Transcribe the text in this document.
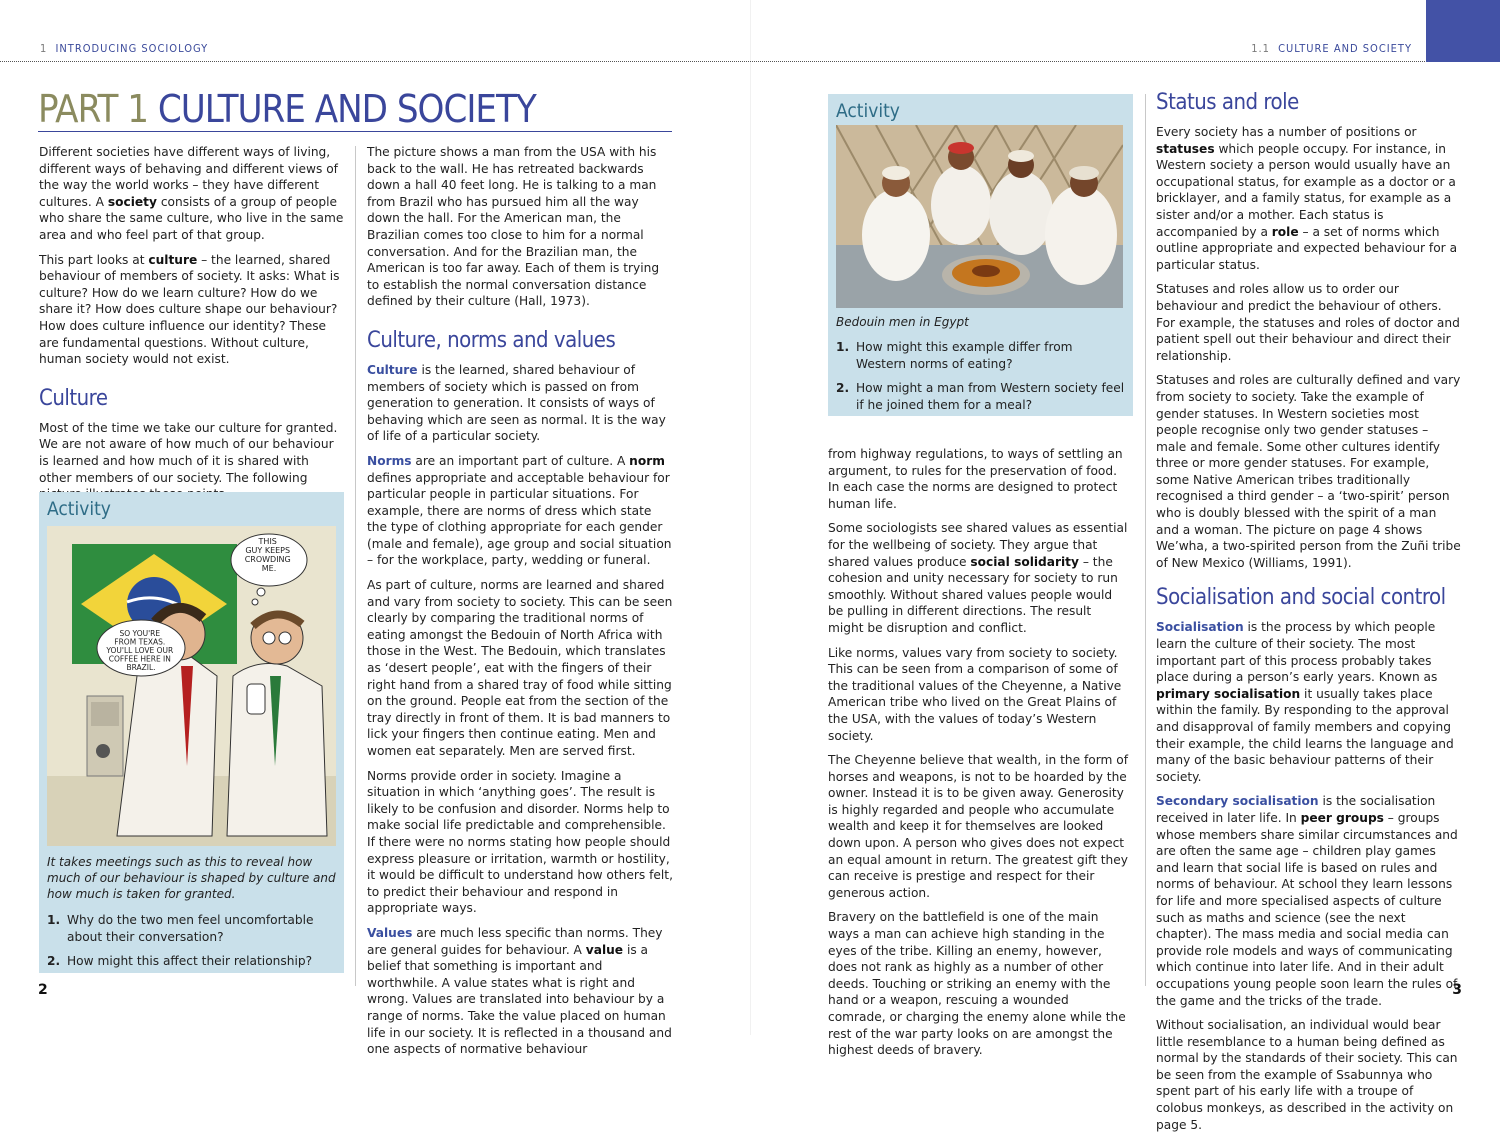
1 INTRODUCING SOCIOLOGY	1.1 CULTURE AND SOCIETY
PART 1 CULTURE AND SOCIETY

Different societies have different ways of living, different ways of behaving and different views of the way the world works – they have different cultures. A society consists of a group of people who share the same culture, who live in the same area and who feel part of that group.

This part looks at culture – the learned, shared behaviour of members of society. It asks: What is culture? How do we learn culture? How do we share it? How does culture shape our behaviour? How does culture influence our identity? These are fundamental questions. Without culture, human society would not exist.

Culture

Most of the time we take our culture for granted. We are not aware of how much of our behaviour is learned and how much of it is shared with other members of our society. The following

Activity
THIS GUY KEEPS CROWDING ME.
SO YOU'RE FROM TEXAS. YOU'LL LOVE OUR COFFEE HERE IN BRAZIL.
It takes meetings such as this to reveal how much of our behaviour is shaped by culture and how much is taken for granted.
1. Why do the two men feel uncomfortable about their conversation?
2. How might this affect their relationship?

The picture shows a man from the USA with his back to the wall. He has retreated backwards down a hall 40 feet long. He is talking to a man from Brazil who has pursued him all the way down the hall. For the American man, the Brazilian comes too close to him for a normal conversation. And for the Brazilian man, the American is too far away. Each of them is trying to establish the normal conversation distance defined by their culture (Hall, 1973).

Culture, norms and values

Culture is the learned, shared behaviour of members of society which is passed on from generation to generation. It consists of ways of behaving which are seen as normal. It is the way of life of a particular society.

Norms are an important part of culture. A norm defines appropriate and acceptable behaviour for particular people in particular situations. For example, there are norms of dress which state the type of clothing appropriate for each gender (male and female), age group and social situation – for the workplace, party, wedding or funeral.

As part of culture, norms are learned and shared and vary from society to society. This can be seen clearly by comparing the traditional norms of eating amongst the Bedouin of North Africa with those in the West. The Bedouin, which translates as ‘desert people’, eat with the fingers of their right hand from a shared tray of food while sitting on the ground. People eat from the section of the tray directly in front of them. It is bad manners to lick your fingers then continue eating. Men and women eat separately. Men are served first.

Norms provide order in society. Imagine a situation in which ‘anything goes’. The result is likely to be confusion and disorder. Norms help to make social life predictable and comprehensible. If there were no norms stating how people should express pleasure or irritation, warmth or hostility, it would be difficult to understand how others felt, to predict their behaviour and respond in appropriate ways.

Values are much less specific than norms. They are general guides for behaviour. A value is a belief that something is important and worthwhile. A value states what is right and wrong. Values are translated into behaviour by a range of norms. Take the value placed on human life in our society. It is reflected in a thousand and one aspects of normative behaviour

2	3
Activity
Bedouin men in Egypt
1. How might this example differ from Western norms of eating?
2. How might a man from Western society feel if he joined them for a meal?

from highway regulations, to ways of settling an argument, to rules for the preservation of food. In each case the norms are designed to protect human life.

Some sociologists see shared values as essential for the wellbeing of society. They argue that shared values produce social solidarity – the cohesion and unity necessary for society to run smoothly. Without shared values people would be pulling in different directions. The result might be disruption and conflict.

Like norms, values vary from society to society. This can be seen from a comparison of some of the traditional values of the Cheyenne, a Native American tribe who lived on the Great Plains of the USA, with the values of today’s Western society.

The Cheyenne believe that wealth, in the form of horses and weapons, is not to be hoarded by the owner. Instead it is to be given away. Generosity is highly regarded and people who accumulate wealth and keep it for themselves are looked down upon. A person who gives does not expect an equal amount in return. The greatest gift they can receive is prestige and respect for their generous action.

Bravery on the battlefield is one of the main ways a man can achieve high standing in the eyes of the tribe. Killing an enemy, however, does not rank as highly as a number of other deeds. Touching or striking an enemy with the hand or a weapon, rescuing a wounded comrade, or charging the enemy alone while the rest of the war party looks on are amongst the highest deeds of bravery.

Status and role

Every society has a number of positions or statuses which people occupy. For instance, in Western society a person would usually have an occupational status, for example as a doctor or a bricklayer, and a family status, for example as a sister and/or a mother. Each status is accompanied by a role – a set of norms which outline appropriate and expected behaviour for a particular status.

Statuses and roles allow us to order our behaviour and predict the behaviour of others. For example, the statuses and roles of doctor and patient spell out their behaviour and direct their relationship.

Statuses and roles are culturally defined and vary from society to society. Take the example of gender statuses. In Western societies most people recognise only two gender statuses – male and female. Some other cultures identify three or more gender statuses. For example, some Native American tribes traditionally recognised a third gender – a ‘two-spirit’ person who is doubly blessed with the spirit of a man and a woman. The picture on page 4 shows We’wha, a two-spirited person from the Zuñi tribe of New Mexico (Williams, 1991).

Socialisation and social control

Socialisation is the process by which people learn the culture of their society. The most important part of this process probably takes place during a person’s early years. Known as primary socialisation it usually takes place within the family. By responding to the approval and disapproval of family members and copying their example, the child learns the language and many of the basic behaviour patterns of their society.

Secondary socialisation is the socialisation received in later life. In peer groups – groups whose members share similar circumstances and are often the same age – children play games and learn that social life is based on rules and norms of behaviour. At school they learn lessons for life and more specialised aspects of culture such as maths and science (see the next chapter). The mass media and social media can provide role models and ways of communicating which continue into later life. And in their adult occupations young people soon learn the rules of the game and the tricks of the trade.

Without socialisation, an individual would bear little resemblance to a human being defined as normal by the standards of their society. This can be seen from the example of Ssabunnya who spent part of his early life with a troupe of colobus monkeys, as described in the activity on page 5.
